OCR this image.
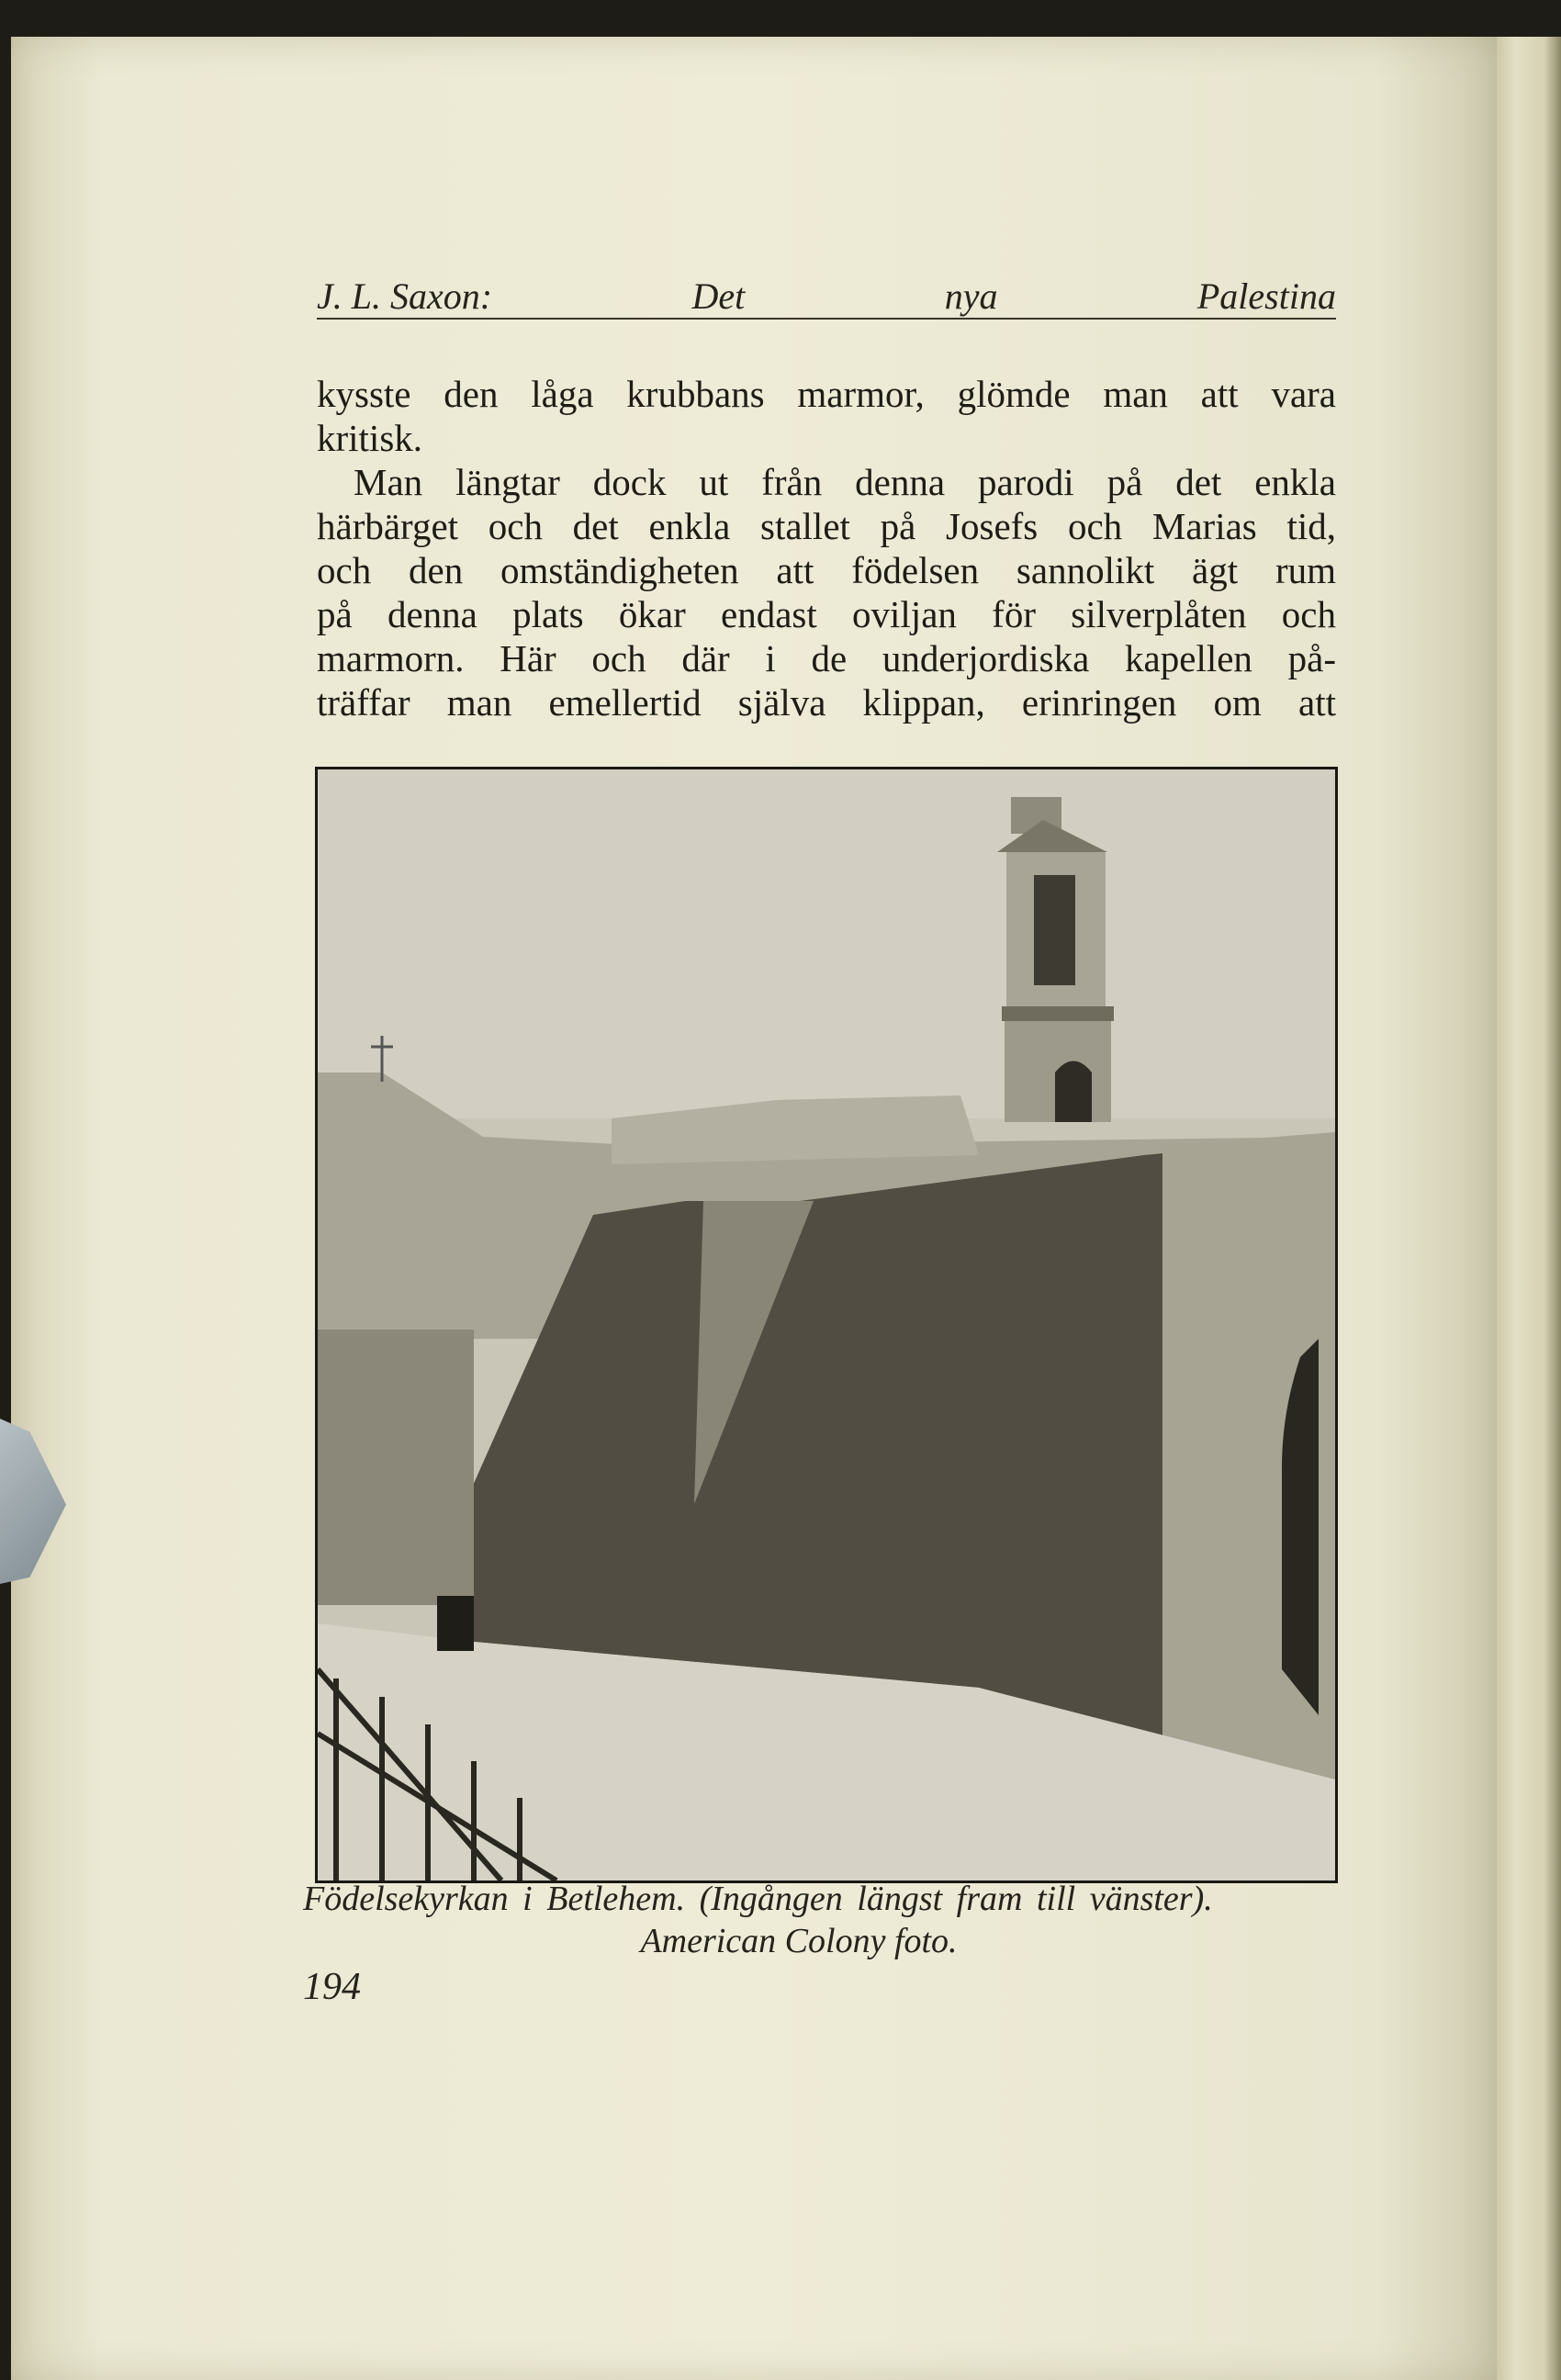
J. L. Saxon:	Det	nya	Palestina
kysste den låga krubbans marmor, glömde man att vara
kritisk.
Man längtar dock ut från denna parodi på det enkla
härbärget och det enkla stallet på Josefs och Marias tid,
och den omständigheten att födelsen sannolikt ägt rum
på denna plats ökar endast oviljan för silverplåten och
marmorn. Här och där i de underjordiska kapellen på-
träffar man emellertid själva klippan, erinringen om att
Födelsekyrkan i Betlehem. (Ingången längst fram till vänster).
American Colony foto.
194
